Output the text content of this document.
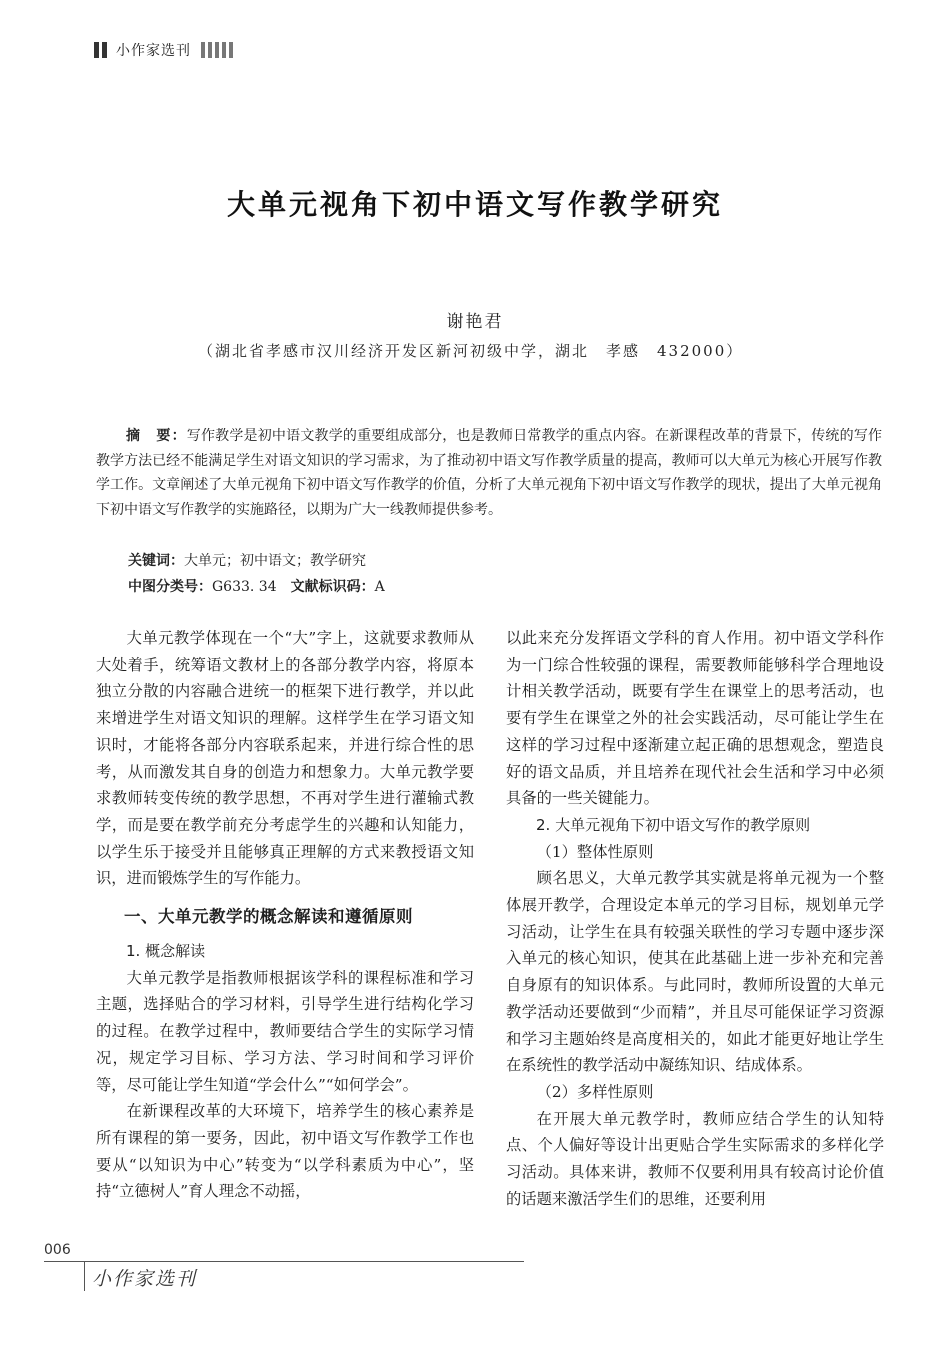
小作家选刊
大单元视角下初中语文写作教学研究
谢艳君
（湖北省孝感市汉川经济开发区新河初级中学，湖北　孝感　432000）
摘　要：写作教学是初中语文教学的重要组成部分，也是教师日常教学的重点内容。在新课程改革的背景下，传统的写作教学方法已经不能满足学生对语文知识的学习需求，为了推动初中语文写作教学质量的提高，教师可以大单元为核心开展写作教学工作。文章阐述了大单元视角下初中语文写作教学的价值，分析了大单元视角下初中语文写作教学的现状，提出了大单元视角下初中语文写作教学的实施路径，以期为广大一线教师提供参考。
关键词：大单元；初中语文；教学研究
中图分类号：G633. 34 文献标识码：A

大单元教学体现在一个“大”字上，这就要求教师从大处着手，统筹语文教材上的各部分教学内容，将原本独立分散的内容融合进统一的框架下进行教学，并以此来增进学生对语文知识的理解。这样学生在学习语文知识时，才能将各部分内容联系起来，并进行综合性的思考，从而激发其自身的创造力和想象力。大单元教学要求教师转变传统的教学思想，不再对学生进行灌输式教学，而是要在教学前充分考虑学生的兴趣和认知能力，以学生乐于接受并且能够真正理解的方式来教授语文知识，进而锻炼学生的写作能力。

一、大单元教学的概念解读和遵循原则
1. 概念解读

大单元教学是指教师根据该学科的课程标准和学习主题，选择贴合的学习材料，引导学生进行结构化学习的过程。在教学过程中，教师要结合学生的实际学习情况，规定学习目标、学习方法、学习时间和学习评价等，尽可能让学生知道“学会什么”“如何学会”。

在新课程改革的大环境下，培养学生的核心素养是所有课程的第一要务，因此，初中语文写作教学工作也要从“以知识为中心”转变为“以学科素质为中心”，坚持“立德树人”育人理念不动摇，

以此来充分发挥语文学科的育人作用。初中语文学科作为一门综合性较强的课程，需要教师能够科学合理地设计相关教学活动，既要有学生在课堂上的思考活动，也要有学生在课堂之外的社会实践活动，尽可能让学生在这样的学习过程中逐渐建立起正确的思想观念，塑造良好的语文品质，并且培养在现代社会生活和学习中必须具备的一些关键能力。

2. 大单元视角下初中语文写作的教学原则
（1）整体性原则

顾名思义，大单元教学其实就是将单元视为一个整体展开教学，合理设定本单元的学习目标，规划单元学习活动，让学生在具有较强关联性的学习专题中逐步深入单元的核心知识，使其在此基础上进一步补充和完善自身原有的知识体系。与此同时，教师所设置的大单元教学活动还要做到“少而精”，并且尽可能保证学习资源和学习主题始终是高度相关的，如此才能更好地让学生在系统性的教学活动中凝练知识、结成体系。

（2）多样性原则

在开展大单元教学时，教师应结合学生的认知特点、个人偏好等设计出更贴合学生实际需求的多样化学习活动。具体来讲，教师不仅要利用具有较高讨论价值的话题来激活学生们的思维，还要利用

006
小作家选刊
